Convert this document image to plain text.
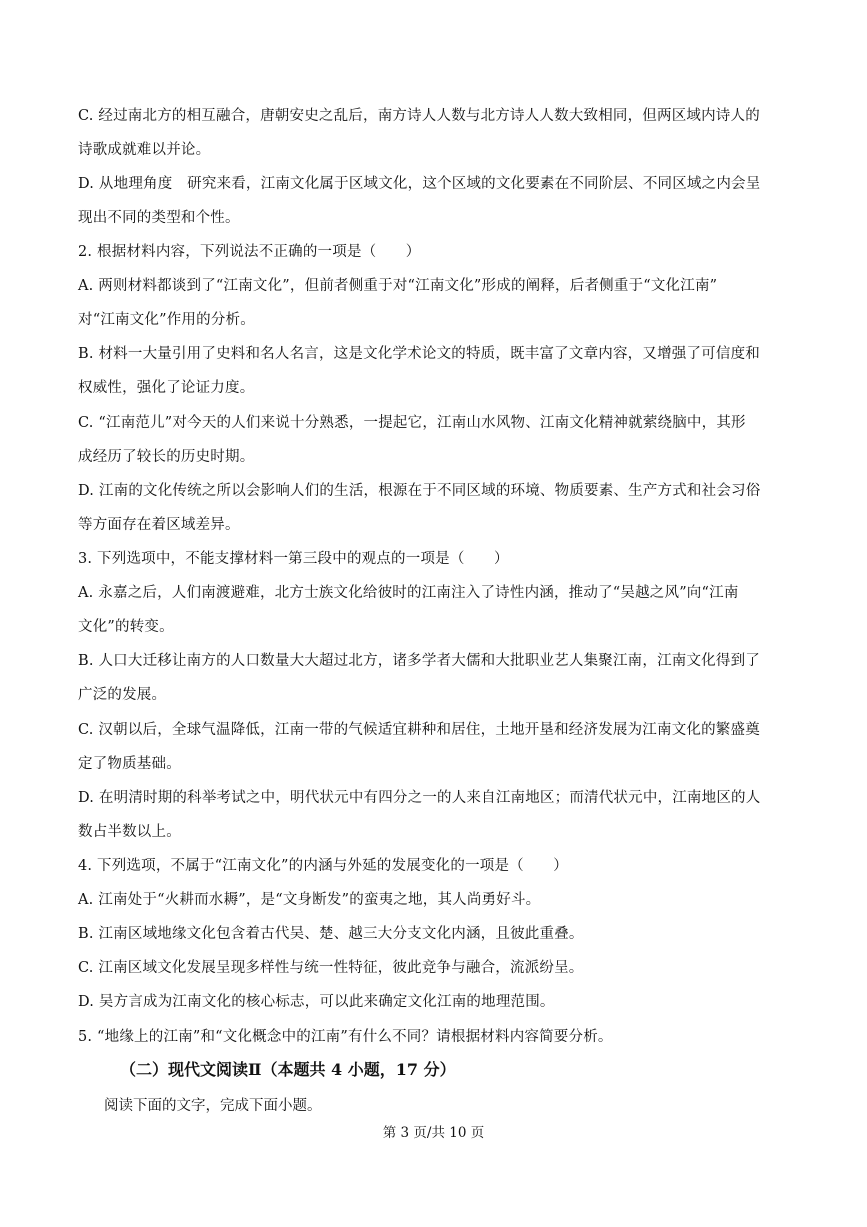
C. 经过南北方的相互融合，唐朝安史之乱后，南方诗人人数与北方诗人人数大致相同，但两区域内诗人的
诗歌成就难以并论。
D. 从地理角度　研究来看，江南文化属于区域文化，这个区域的文化要素在不同阶层、不同区域之内会呈
现出不同的类型和个性。
2. 根据材料内容，下列说法不正确的一项是（　　）
A. 两则材料都谈到了“江南文化”，但前者侧重于对“江南文化”形成的阐释，后者侧重于“文化江南”
对“江南文化”作用的分析。
B. 材料一大量引用了史料和名人名言，这是文化学术论文的特质，既丰富了文章内容，又增强了可信度和
权威性，强化了论证力度。
C. “江南范儿”对今天的人们来说十分熟悉，一提起它，江南山水风物、江南文化精神就萦绕脑中，其形
成经历了较长的历史时期。
D. 江南的文化传统之所以会影响人们的生活，根源在于不同区域的环境、物质要素、生产方式和社会习俗
等方面存在着区域差异。
3. 下列选项中，不能支撑材料一第三段中的观点的一项是（　　）
A. 永嘉之后，人们南渡避难，北方士族文化给彼时的江南注入了诗性内涵，推动了“吴越之风”向“江南
文化”的转变。
B. 人口大迁移让南方的人口数量大大超过北方，诸多学者大儒和大批职业艺人集聚江南，江南文化得到了
广泛的发展。
C. 汉朝以后，全球气温降低，江南一带的气候适宜耕种和居住，土地开垦和经济发展为江南文化的繁盛奠
定了物质基础。
D. 在明清时期的科举考试之中，明代状元中有四分之一的人来自江南地区；而清代状元中，江南地区的人
数占半数以上。
4. 下列选项，不属于“江南文化”的内涵与外延的发展变化的一项是（　　）
A. 江南处于“火耕而水耨”，是“文身断发”的蛮夷之地，其人尚勇好斗。
B. 江南区域地缘文化包含着古代吴、楚、越三大分支文化内涵，且彼此重叠。
C. 江南区域文化发展呈现多样性与统一性特征，彼此竞争与融合，流派纷呈。
D. 吴方言成为江南文化的核心标志，可以此来确定文化江南的地理范围。
5. “地缘上的江南”和“文化概念中的江南”有什么不同？请根据材料内容简要分析。
（二）现代文阅读Ⅱ（本题共 4 小题，17 分）
阅读下面的文字，完成下面小题。
第 3 页/共 10 页
